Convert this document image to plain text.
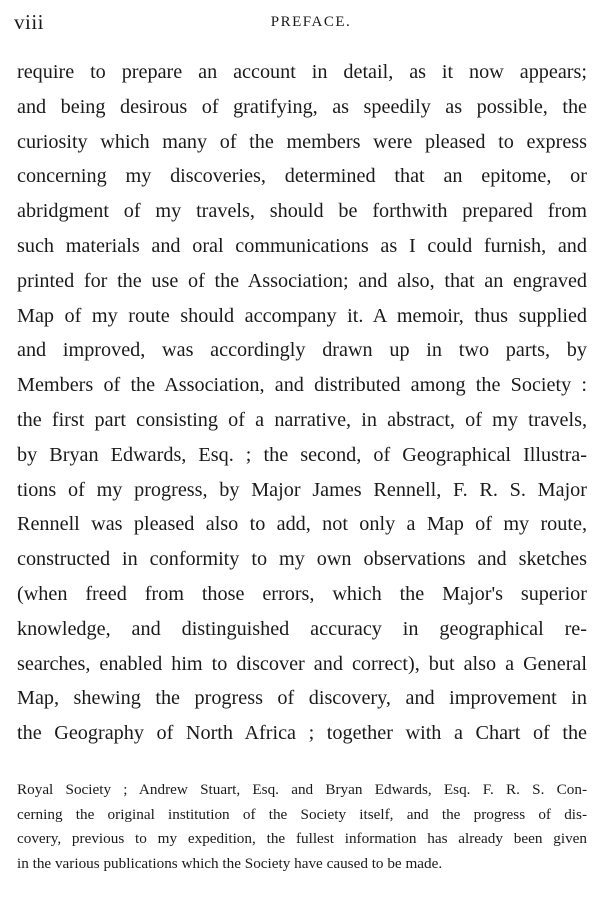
viii	PREFACE.
require to prepare an account in detail, as it now appears;
and being desirous of gratifying, as speedily as possible, the
curiosity which many of the members were pleased to express
concerning my discoveries, determined that an epitome, or
abridgment of my travels, should be forthwith prepared from
such materials and oral communications as I could furnish, and
printed for the use of the Association; and also, that an engraved
Map of my route should accompany it. A memoir, thus supplied
and improved, was accordingly drawn up in two parts, by
Members of the Association, and distributed among the Society :
the first part consisting of a narrative, in abstract, of my travels,
by Bryan Edwards, Esq. ; the second, of Geographical Illustra-
tions of my progress, by Major James Rennell, F. R. S. Major
Rennell was pleased also to add, not only a Map of my route,
constructed in conformity to my own observations and sketches
(when freed from those errors, which the Major's superior
knowledge, and distinguished accuracy in geographical re-
searches, enabled him to discover and correct), but also a General
Map, shewing the progress of discovery, and improvement in
the Geography of North Africa ; together with a Chart of the
Royal Society ; Andrew Stuart, Esq. and Bryan Edwards, Esq. F. R. S. Con-
cerning the original institution of the Society itself, and the progress of dis-
covery, previous to my expedition, the fullest information has already been given
in the various publications which the Society have caused to be made.
